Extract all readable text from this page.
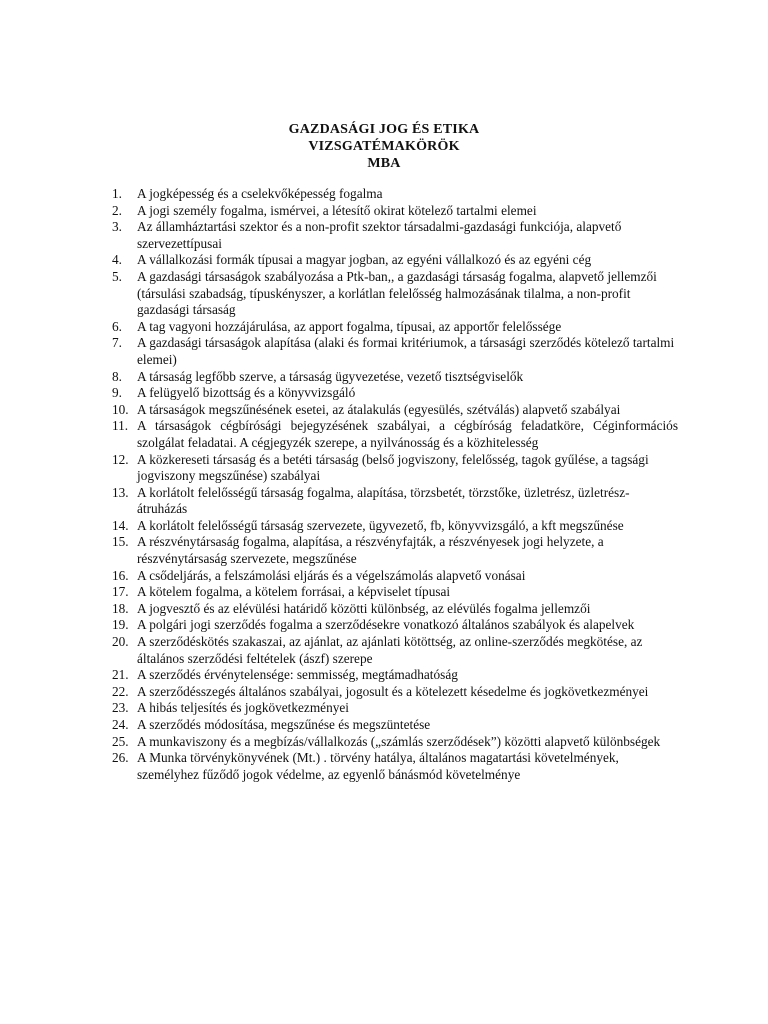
GAZDASÁGI JOG ÉS ETIKA
VIZSGATÉMAKÖRÖK
MBA
1. A jogképesség és a cselekvőképesség fogalma
2. A jogi személy fogalma, ismérvei, a létesítő okirat kötelező tartalmi elemei
3. Az államháztartási szektor és a non-profit szektor társadalmi-gazdasági funkciója, alapvető szervezettípusai
4. A vállalkozási formák típusai a magyar jogban, az egyéni vállalkozó és az egyéni cég
5. A gazdasági társaságok szabályozása a Ptk-ban,, a gazdasági társaság fogalma, alapvető jellemzői (társulási szabadság, típuskényszer, a korlátlan felelősség halmozásának tilalma, a non-profit gazdasági társaság
6. A tag vagyoni hozzájárulása, az apport fogalma, típusai, az apportőr felelőssége
7. A gazdasági társaságok alapítása (alaki és formai kritériumok, a társasági szerződés kötelező tartalmi elemei)
8. A társaság legfőbb szerve, a társaság ügyvezetése, vezető tisztségviselők
9. A felügyelő bizottság és a könyvvizsgáló
10. A társaságok megszűnésének esetei, az átalakulás (egyesülés, szétválás) alapvető szabályai
11. A társaságok cégbírósági bejegyzésének szabályai, a cégbíróság feladatköre, Céginformációs szolgálat feladatai. A cégjegyzék szerepe, a nyilvánosság és a közhitelesség
12. A közkereseti társaság és a betéti társaság (belső jogviszony, felelősség, tagok gyűlése, a tagsági jogviszony megszűnése) szabályai
13. A korlátolt felelősségű társaság fogalma, alapítása, törzsbetét, törzstőke, üzletrész, üzletrész-átruházás
14. A korlátolt felelősségű társaság szervezete, ügyvezető, fb, könyvvizsgáló, a kft megszűnése
15. A részvénytársaság fogalma, alapítása, a részvényfajták, a részvényesek jogi helyzete, a részvénytársaság szervezete, megszűnése
16. A csődeljárás, a felszámolási eljárás és a végelszámolás alapvető vonásai
17. A kötelem fogalma, a kötelem forrásai, a képviselet típusai
18. A jogvesztő és az elévülési határidő közötti különbség, az elévülés fogalma jellemzői
19. A polgári jogi szerződés fogalma a szerződésekre vonatkozó általános szabályok és alapelvek
20. A szerződéskötés szakaszai, az ajánlat, az ajánlati kötöttség, az online-szerződés megkötése, az általános szerződési feltételek (ászf) szerepe
21. A szerződés érvénytelensége: semmisség, megtámadhatóság
22. A szerződésszegés általános szabályai, jogosult és a kötelezett késedelme és jogkövetkezményei
23. A hibás teljesítés és jogkövetkezményei
24. A szerződés módosítása, megszűnése és megszüntetése
25. A munkaviszony és a megbízás/vállalkozás („számlás szerződések”) közötti alapvető különbségek
26. A Munka törvénykönyvének (Mt.) . törvény hatálya, általános magatartási követelmények, személyhez fűződő jogok védelme, az egyenlő bánásmód követelménye
